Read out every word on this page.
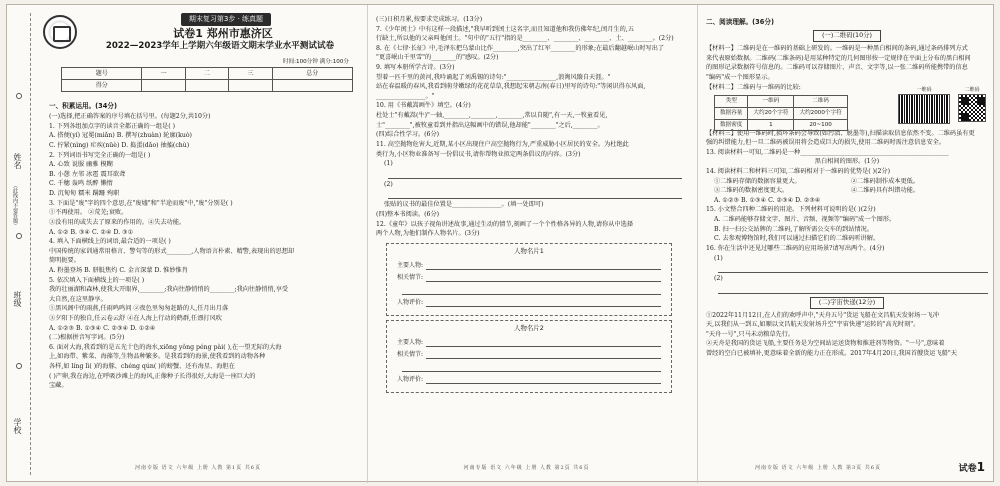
姓名
班级
学校
（此线内不要答题）
期末复习第3步 · 练真题
试卷1 郑州市惠济区
2022—2023学年上学期六年级语文期末学业水平测试试卷
时间:100分钟 满分:100分
题号	一	二	三	总分
得分				
一、积累运用。(34分)
(一)选择,把正确答案的序号填在括号里。(每题2分,共10分)
1. 下列各组加点字的读音全都正确的一组是( )
A. 搭便(yí) 冠冕(miǎn) B. 撰写(zhuàn) 轮廓(kuò)
C. 拧紧(nìng) 疟疾(nüè) D. 捣蛋(dǎo) 抽搐(chù)
2. 下列词语书写完全正确的一组是( )
A. 心致 说服 幽雅 模糊
B. 小憩 左邻 冰雹 震耳欲聋
C. 千穗 轰鸣 纸醉 懒惰
D. 沉甸甸 糯米 蹒跚 殉职
3. 下面是"废"字的四个意思,在"废墟"和"半途而废"中,"废"分别是( )
①不再使用。 ②荒芜;衰败。
③没有用的或失去了原来的作用的。④失去功能。
A. ①② B. ③④ C. ②④ D. ③①
4. 填入下面横线上的词语,最合适的一项是( )
中国传统的家训通常用格言、警句等的形式________,人物语言朴素、精警,表现出的思想却
简明扼要。
A. 粉墨登场 B. 胼胝焦灼 C. 金言深蒙 D. 惟妙惟肖
5. 依次填入下面横线上的一项是( )
我的壮丽湖和森林,使我大开眼界,________;我向往静悄悄的________;我向往静悄悄,享受
大自然,在这里静享。
①黑风阁中的雨燕,任雨鸣鸣问 ②夜色里匆匆赶路的人,任月出月落
③夕阳下的独自,任云卷云舒 ④在人海上行动的鹤群,任漂打风吹
A. ①②③ B. ①③④ C. ②③④ D. ①②④
(二)根据拼音写字词。(5分)
6. 面对大海,我看到的是五光十色的海水,xiōng yǒng péng pài( ),在一望无际的大海
上,如海带、紫菜、海藻等,生物品种繁多。是我看到的海景,使我看到的动物各种
各样,如 líng lì( )的海豚、chéng qún( )的螃蟹、还有海星、海胆在
( )产卵,我在海边,在呼吸沙滩上的海风,正像种子长得很好,大海是一座巨大的
宝藏。
河南专版 语文 六年级 上册 人教 第1页 共6页
(三)日积月累,按要求完成练习。(13分)
7.《少年闰土》中有这样一段描述,"我早听到闰土这名字,而且知道他和我仿佛年纪,闰月生的,五
行缺土,所以他的父亲叫他闰土。"句中的"五行"指的是________、________、________、土、________。(2分)
8. 在《七律·长征》中,毛泽东把乌蒙山比作________,突出了红军________的形象;在最后翻越岷山时写出了
"更喜岷山千里雪"的________的"感叹。(2分)
9. 填写本册所学古诗。(3分)
望着一匹千里的黄河,我吟诵起了刘禹锡的诗句:"________________,浪淘风簸自天涯。"
站在春温暖的春风,我看到萌芽嫩绿的花花草草,我想起宋朝志南(春日)里写的诗句:"等闲识得东风面,
________________。"
10. 用《书戴嵩画牛》填空。(4分)
杜处士"有戴嵩(牛)"一轴,________,________,________,常以自随",有一天,一牧童看见,
士"________",被牧童看到并指出这幅画中的错误,他却能"________"之后,________。
(四)综合性学习。(6分)
11. 高空抛物危害大,近期,某小区出现住户高空抛物行为,严重威胁小区居民的安全。为杜绝此
类行为,小区物业准备写一份倡议书,请你帮物业拟定两条倡议的内容。(3分)
(1)
(2)
张贴的议书的最佳位置是________________。(填一处即可)
(四)整本书阅读。(6分)
12.《童年》以孩子视角讲述故事,通过生动的情节,刻画了一个个性格各异的人物,请你从中选择
两个人物,为他们制作人物名片。(3分)
人物名片1
主要人物:
相关情节:

人物评价:
人物名片2
主要人物:
相关情节:

人物评价:
河南专版 语文 六年级 上册 人教 第2页 共6页
二、阅读理解。(36分)
(一)二维码(10分)
【材料一】二维码是在一维码的基础上研发的。一维码是一种黑白相间的条码,通过条码排列方式
来代表原始数据。二维码(二维条码)是用某种特定的几何图形按一定规律在平面上分布的黑白相间
的图形记录数据符号信息的。二维码可以存储图片、声音、文字等,以一张二维码所能携带的信息
"编码"成一个图形显示。
【材料二】二维码与一维码的比较:
类型	一维码	二维码
数据容量	大约20个字符	大约2000个字符
数据密度	1	20~100
一维码	二维码
【材料三】使用一维码时,损坏条码会导致(如污渍、脱墨等),扫描读取信息依然不变。二维码虽有更
强的纠错能力,但一旦二维码被误用将会造成巨大的损失,使用二维码时需注意信息安全。
13. 阅读材料一可知,二维码是一种________________________________________________
黑白相间的图形。(1分)
14. 阅读材料二和材料三可知,二维码相对于一维码的优势是( )(2分)
①二维码存储的数据容量更大。	②二维码制作成本更低。
③二维码的数据密度更大。	④二维码具有纠错功能。
A. ①②③ B. ①③④ C. ②③④ D. ②③④
15. 小文整合四种二维码的用途。下列材料可说明的是( )(2分)
A. 二维码能够存储文字、图片、音频、视频等"编码"成一个图形。
B. 扫一扫公交站牌的二维码,了解所需公交车的到站情况。
C. 去参观博物馆时,我们可以通过扫描它们的二维码听讲解。
16. 你在生活中还见过哪些二维码的应用场景?请写出两个。(4分)
(1)
(2)
(二)宇宙快递(12分)
①2022年11月12日,在人们的欢呼声中,"天舟五号"货运飞船在文昌航天发射场一飞冲
天,以我们从一到五,如顺以文昌航天发射场升空"宇宙快递"运转的"高光时刻"。
"天舟一号",只马未动粮草先行。
②天舟是我国的货运飞船,主要任务是为空间站运送货物和推进剂等物资。"一号",意味着
曾经的空白已被填补,更意味着全新的能力正在形成。2017年4月20日,我国首艘货运飞船"天
河南专版 语文 六年级 上册 人教 第3页 共6页	试卷1
